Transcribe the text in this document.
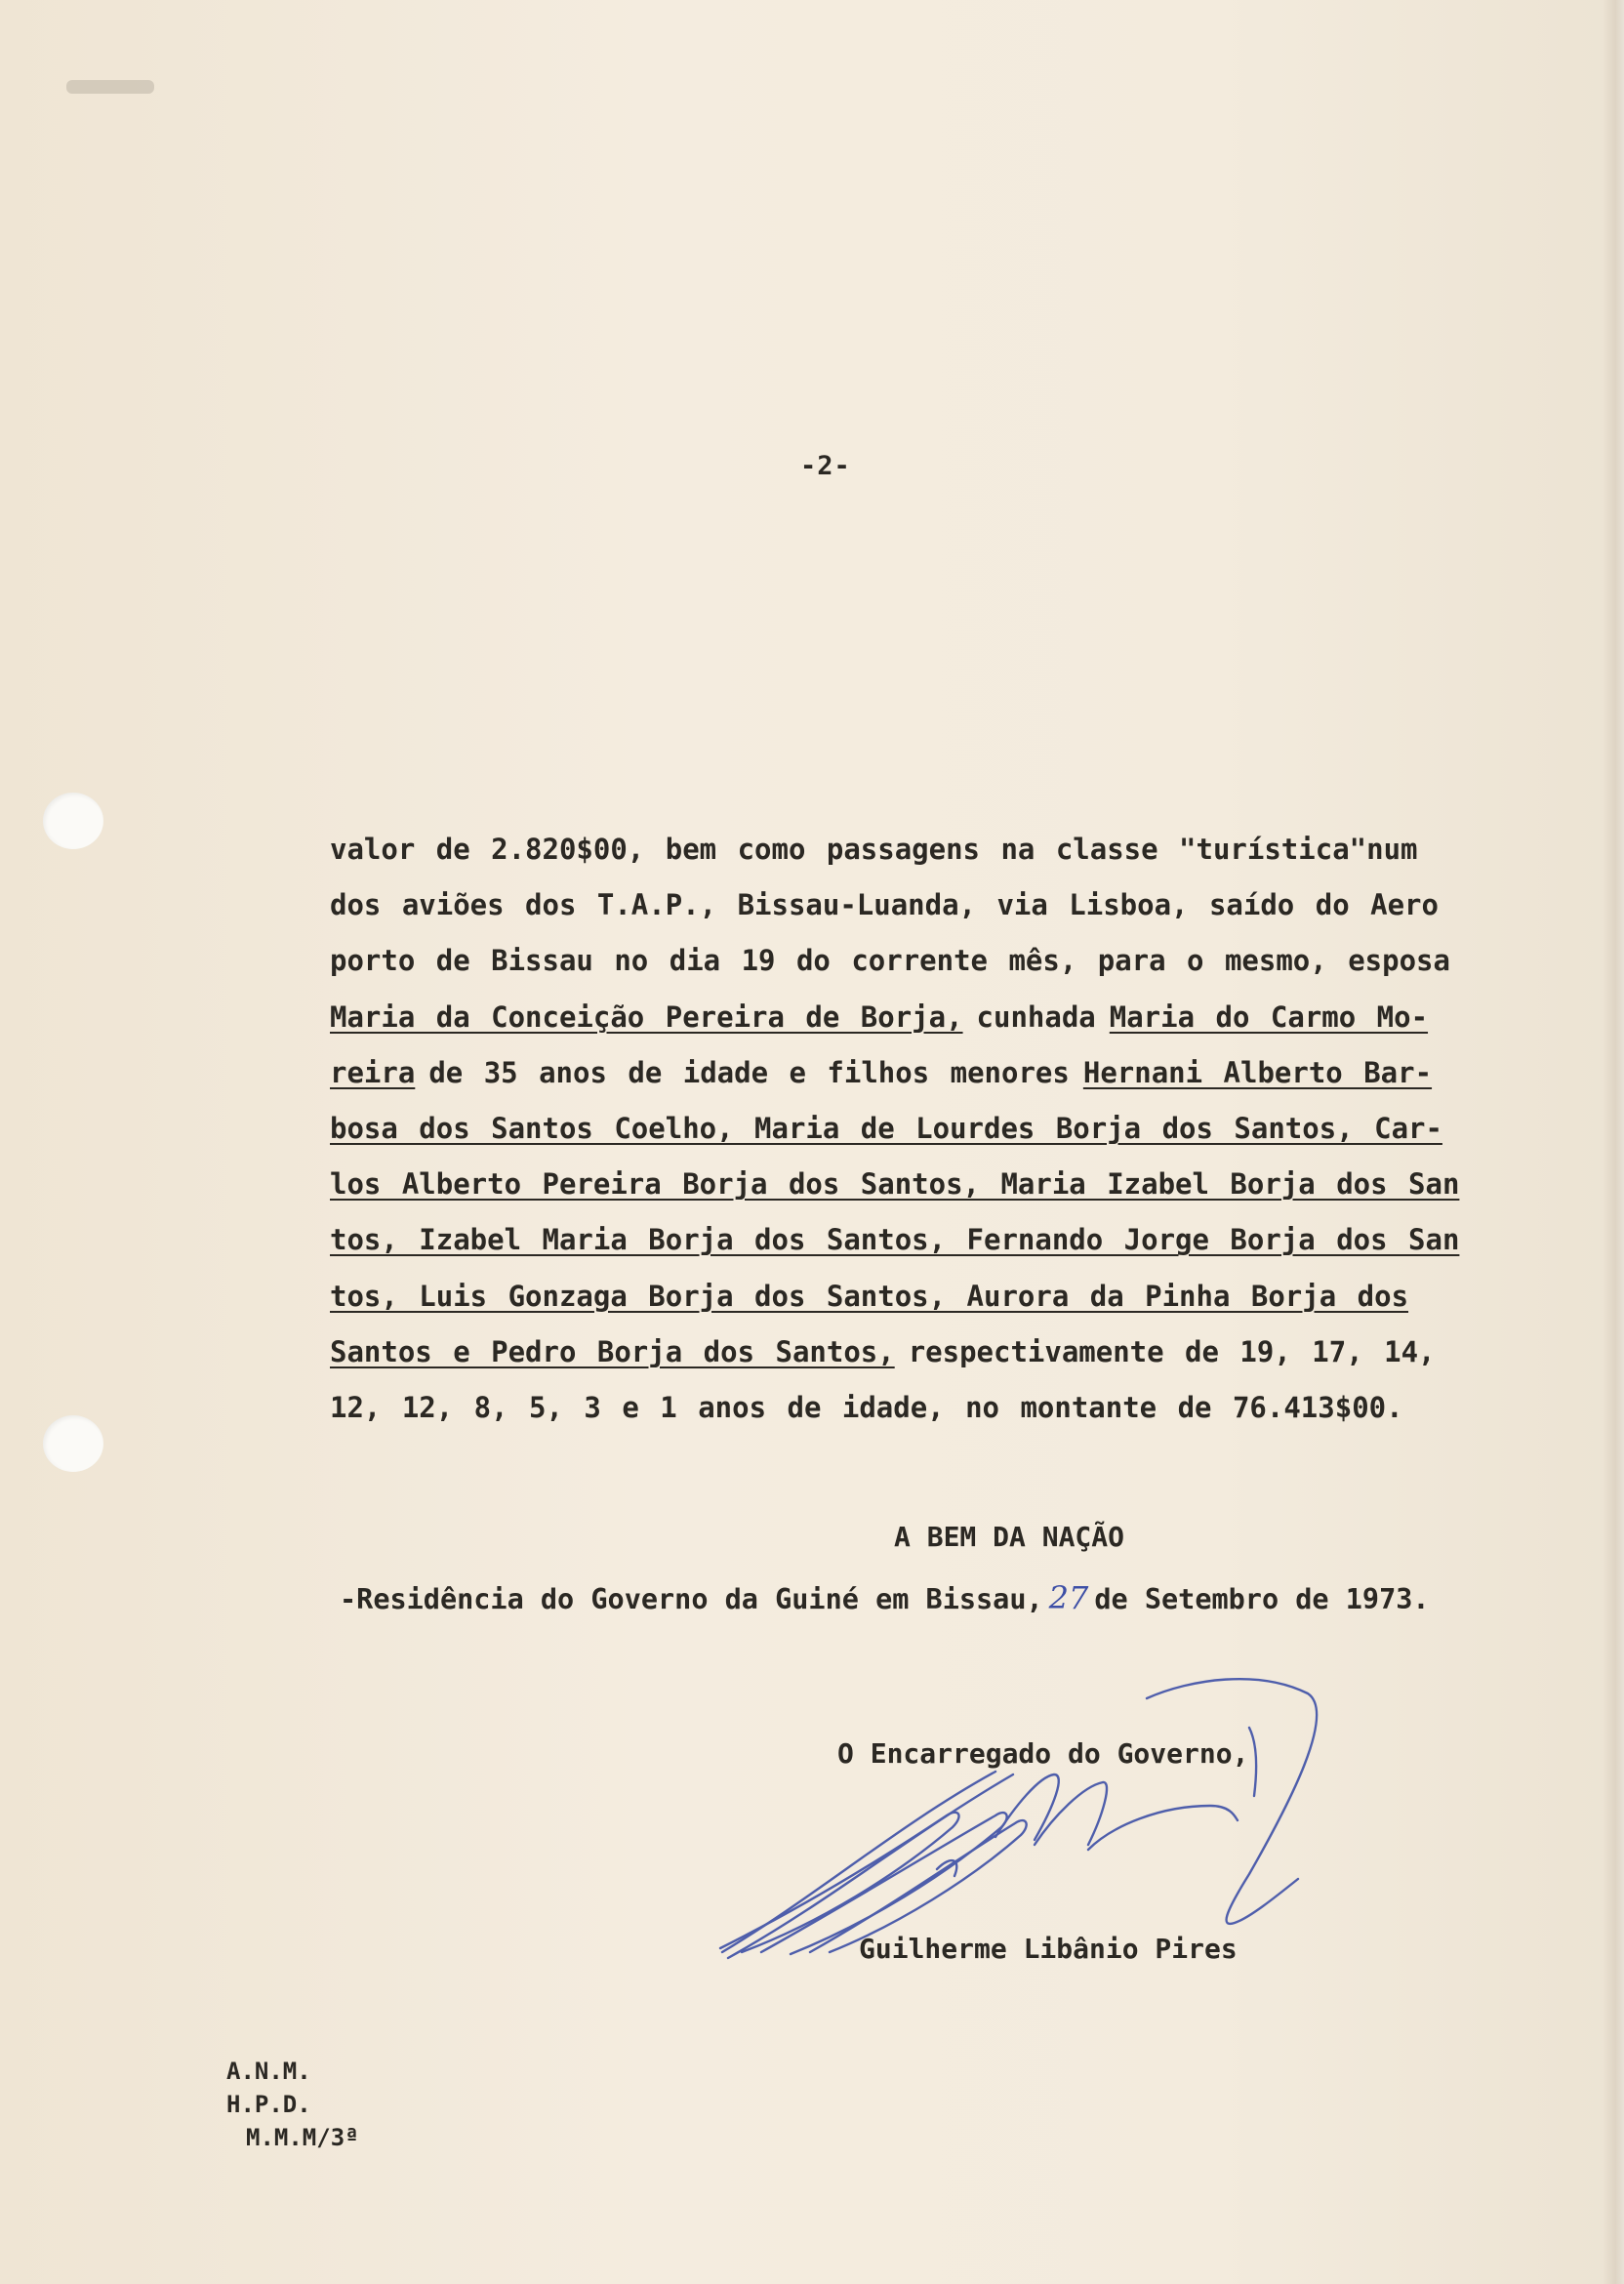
-2-
valor de 2.820$00, bem como passagens na classe "turística"num
dos aviões dos T.A.P., Bissau-Luanda, via Lisboa, saído do Aero
porto de Bissau no dia 19 do corrente mês, para o mesmo, esposa
Maria da Conceição Pereira de Borja, cunhada Maria do Carmo Mo-
reira de 35 anos de idade e filhos menores Hernani Alberto Bar-
bosa dos Santos Coelho, Maria de Lourdes Borja dos Santos, Car-
los Alberto Pereira Borja dos Santos, Maria Izabel Borja dos San
tos, Izabel Maria Borja dos Santos, Fernando Jorge Borja dos San
tos, Luis Gonzaga Borja dos Santos, Aurora da Pinha Borja dos
Santos e Pedro Borja dos Santos, respectivamente de 19, 17, 14,
12, 12, 8, 5, 3 e 1 anos de idade, no montante de 76.413$00.
A BEM DA NAÇÃO
-Residência do Governo da Guiné em Bissau, 27 de Setembro de 1973.
O Encarregado do Governo,
Guilherme Libânio Pires
A.N.M.
H.P.D.
M.M.M/3ª
